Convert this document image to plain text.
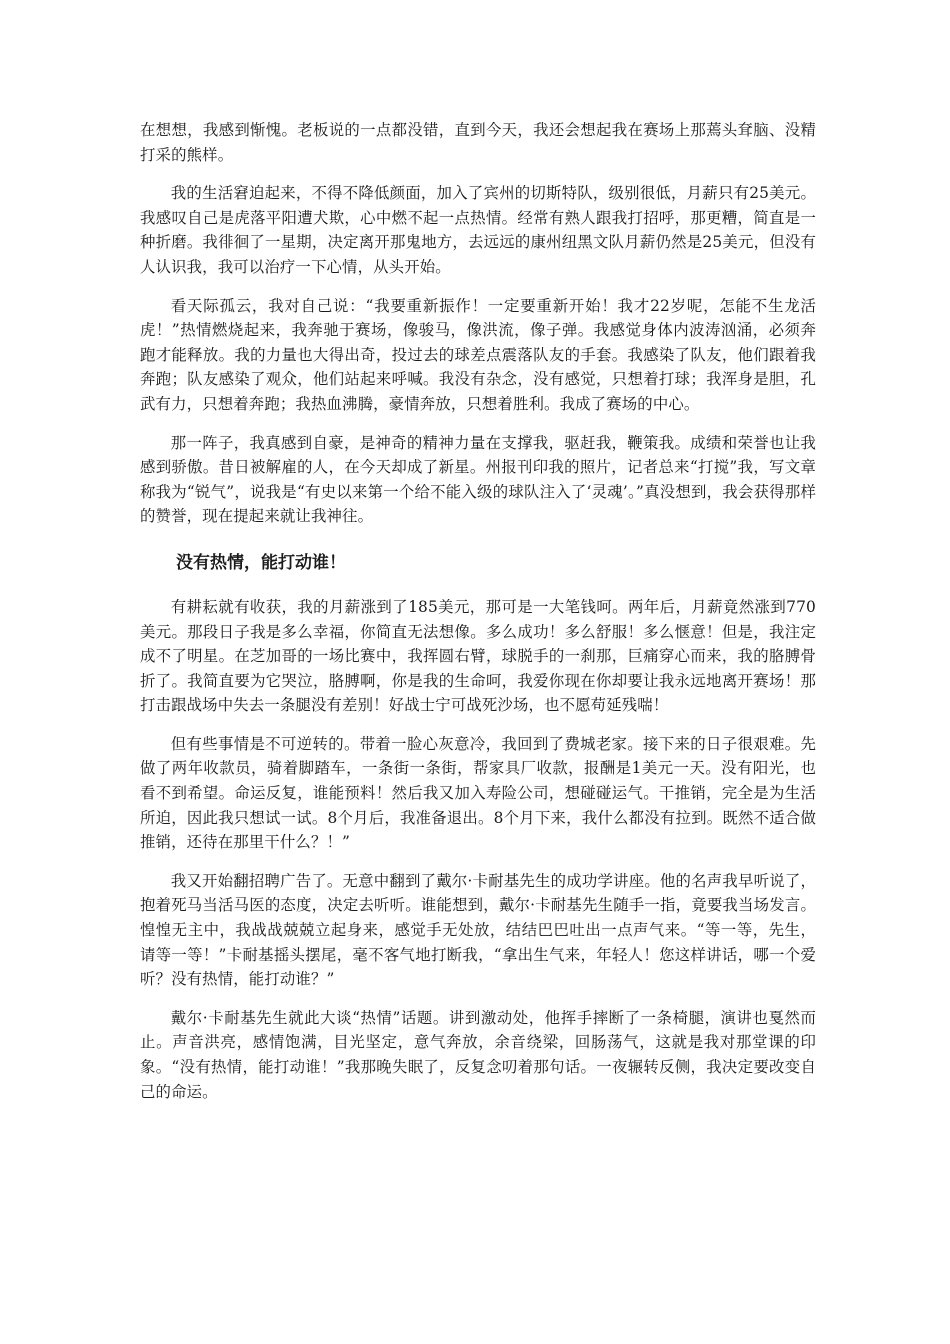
在想想，我感到惭愧。老板说的一点都没错，直到今天，我还会想起我在赛场上那蔫头耷脑、没精打采的熊样。

我的生活窘迫起来，不得不降低颜面，加入了宾州的切斯特队，级别很低，月薪只有25美元。我感叹自己是虎落平阳遭犬欺，心中燃不起一点热情。经常有熟人跟我打招呼，那更糟，简直是一种折磨。我徘徊了一星期，决定离开那鬼地方，去远远的康州纽黑文队月薪仍然是25美元，但没有人认识我，我可以治疗一下心情，从头开始。

看天际孤云，我对自己说：“我要重新振作！一定要重新开始！我才22岁呢，怎能不生龙活虎！”热情燃烧起来，我奔驰于赛场，像骏马，像洪流，像子弹。我感觉身体内波涛汹涌，必须奔跑才能释放。我的力量也大得出奇，投过去的球差点震落队友的手套。我感染了队友，他们跟着我奔跑；队友感染了观众，他们站起来呼喊。我没有杂念，没有感觉，只想着打球；我浑身是胆，孔武有力，只想着奔跑；我热血沸腾，豪情奔放，只想着胜利。我成了赛场的中心。

那一阵子，我真感到自豪，是神奇的精神力量在支撑我，驱赶我，鞭策我。成绩和荣誉也让我感到骄傲。昔日被解雇的人，在今天却成了新星。州报刊印我的照片，记者总来“打搅”我，写文章称我为“锐气”，说我是“有史以来第一个给不能入级的球队注入了‘灵魂’。”真没想到，我会获得那样的赞誉，现在提起来就让我神往。

没有热情，能打动谁！

有耕耘就有收获，我的月薪涨到了185美元，那可是一大笔钱呵。两年后，月薪竟然涨到770美元。那段日子我是多么幸福，你简直无法想像。多么成功！多么舒服！多么惬意！但是，我注定成不了明星。在芝加哥的一场比赛中，我挥圆右臂，球脱手的一刹那，巨痛穿心而来，我的胳膊骨折了。我简直要为它哭泣，胳膊啊，你是我的生命呵，我爱你现在你却要让我永远地离开赛场！那打击跟战场中失去一条腿没有差别！好战士宁可战死沙场，也不愿苟延残喘！

但有些事情是不可逆转的。带着一脸心灰意冷，我回到了费城老家。接下来的日子很艰难。先做了两年收款员，骑着脚踏车，一条街一条街，帮家具厂收款，报酬是1美元一天。没有阳光，也看不到希望。命运反复，谁能预料！然后我又加入寿险公司，想碰碰运气。干推销，完全是为生活所迫，因此我只想试一试。8个月后，我准备退出。8个月下来，我什么都没有拉到。既然不适合做推销，还待在那里干什么？！”

我又开始翻招聘广告了。无意中翻到了戴尔·卡耐基先生的成功学讲座。他的名声我早听说了，抱着死马当活马医的态度，决定去听听。谁能想到，戴尔·卡耐基先生随手一指，竟要我当场发言。惶惶无主中，我战战兢兢立起身来，感觉手无处放，结结巴巴吐出一点声气来。“等一等，先生，请等一等！”卡耐基摇头摆尾，毫不客气地打断我，“拿出生气来，年轻人！您这样讲话，哪一个爱听？没有热情，能打动谁？”

戴尔·卡耐基先生就此大谈“热情”话题。讲到激动处，他挥手摔断了一条椅腿，演讲也戛然而止。声音洪亮，感情饱满，目光坚定，意气奔放，余音绕梁，回肠荡气，这就是我对那堂课的印象。“没有热情，能打动谁！”我那晚失眠了，反复念叨着那句话。一夜辗转反侧，我决定要改变自己的命运。
